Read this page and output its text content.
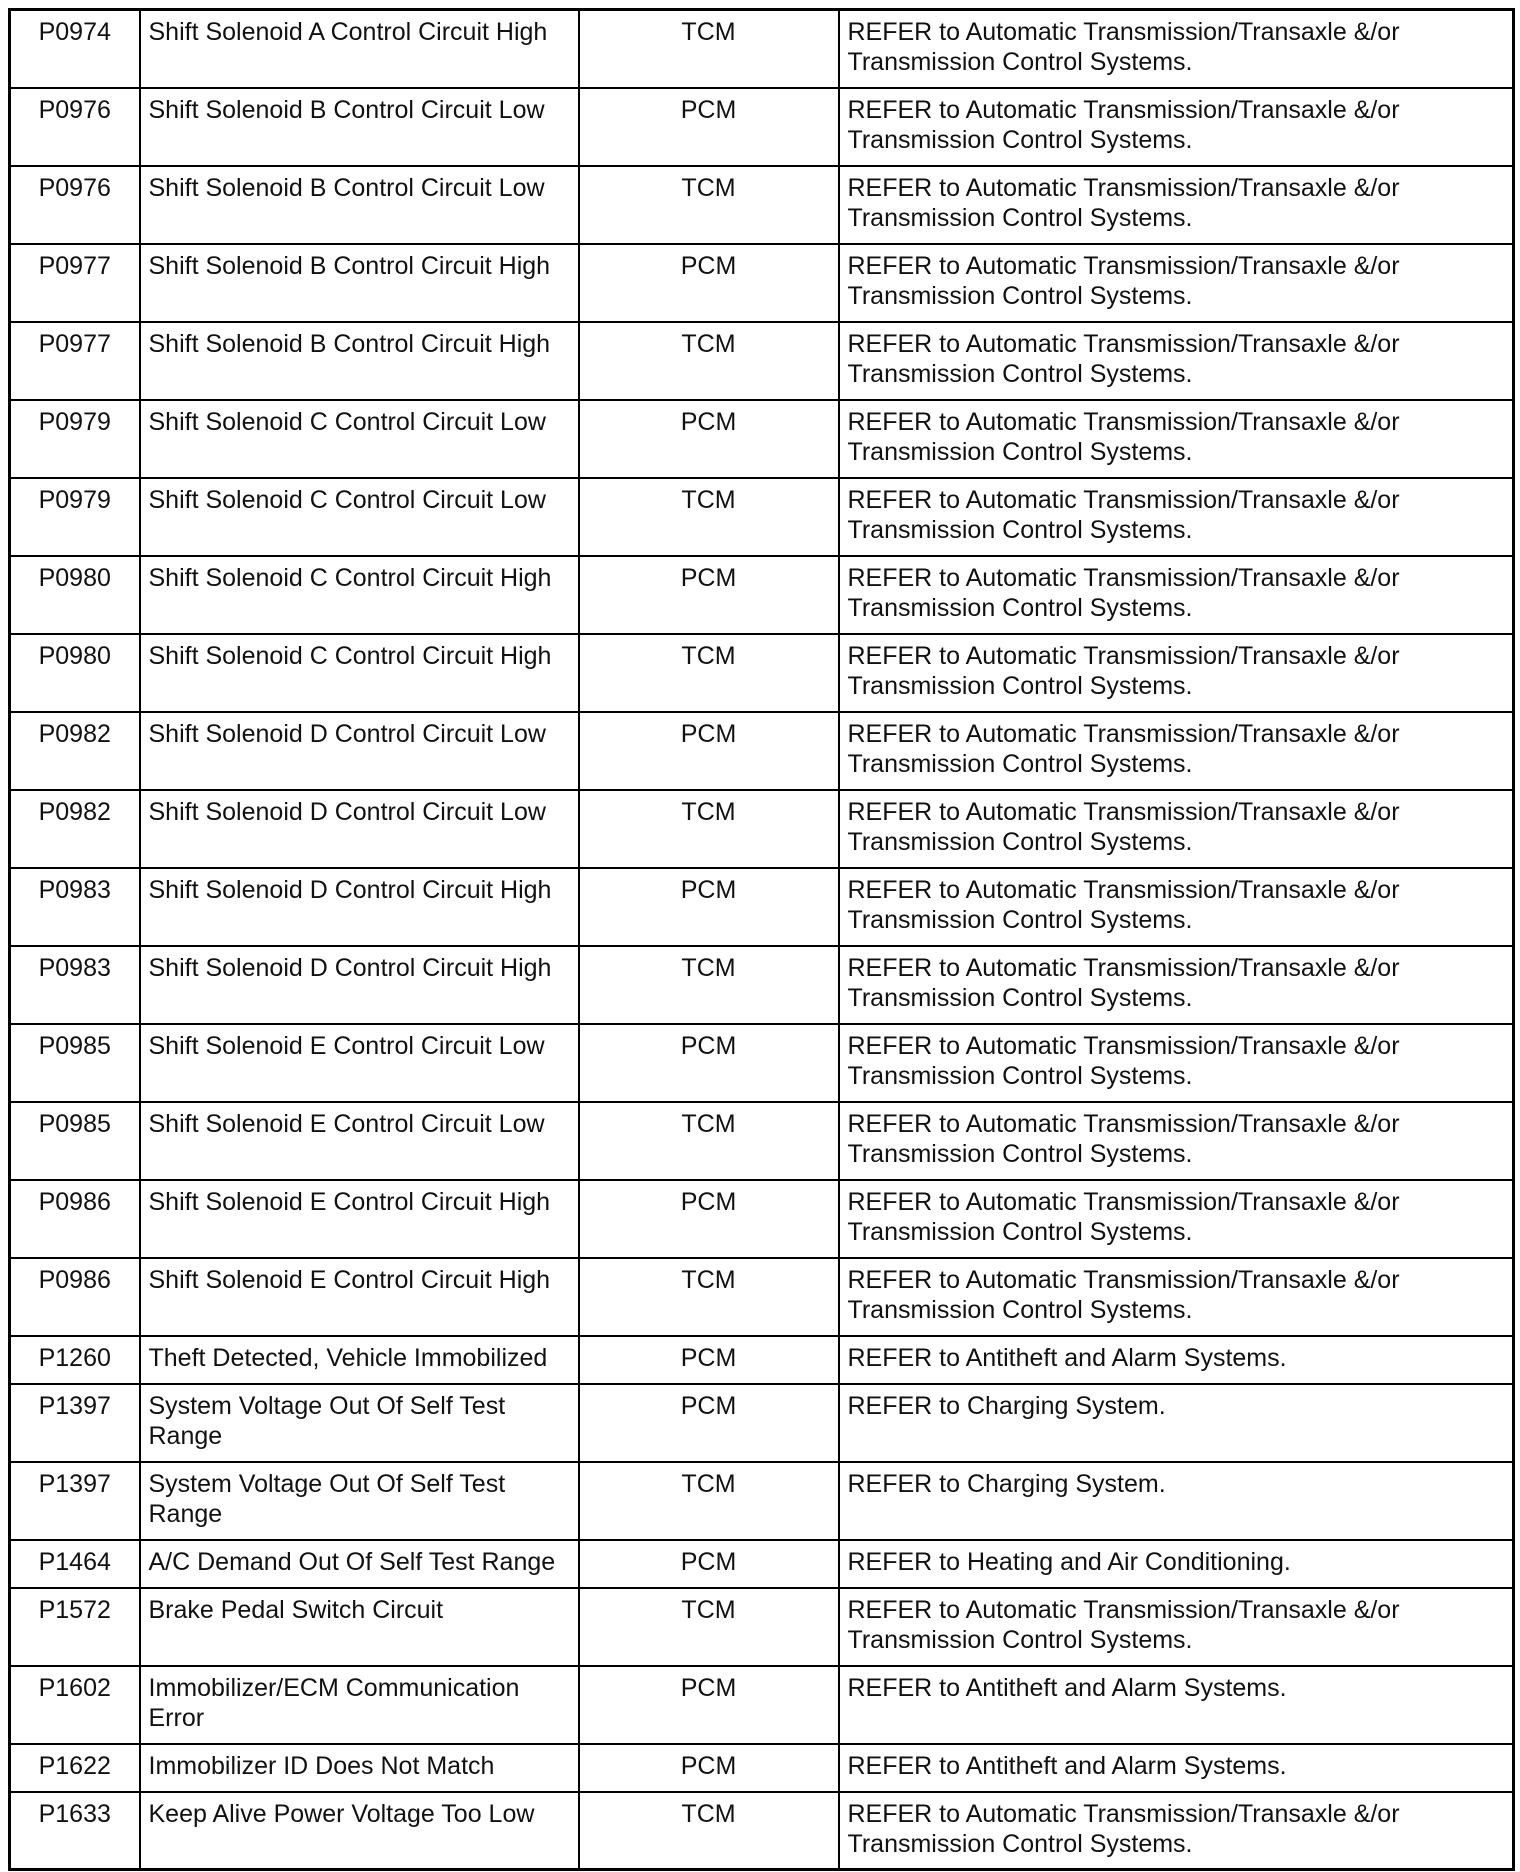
P0974	Shift Solenoid A Control Circuit High	TCM	REFER to Automatic Transmission/Transaxle &/or Transmission Control Systems.
P0976	Shift Solenoid B Control Circuit Low	PCM	REFER to Automatic Transmission/Transaxle &/or Transmission Control Systems.
P0976	Shift Solenoid B Control Circuit Low	TCM	REFER to Automatic Transmission/Transaxle &/or Transmission Control Systems.
P0977	Shift Solenoid B Control Circuit High	PCM	REFER to Automatic Transmission/Transaxle &/or Transmission Control Systems.
P0977	Shift Solenoid B Control Circuit High	TCM	REFER to Automatic Transmission/Transaxle &/or Transmission Control Systems.
P0979	Shift Solenoid C Control Circuit Low	PCM	REFER to Automatic Transmission/Transaxle &/or Transmission Control Systems.
P0979	Shift Solenoid C Control Circuit Low	TCM	REFER to Automatic Transmission/Transaxle &/or Transmission Control Systems.
P0980	Shift Solenoid C Control Circuit High	PCM	REFER to Automatic Transmission/Transaxle &/or Transmission Control Systems.
P0980	Shift Solenoid C Control Circuit High	TCM	REFER to Automatic Transmission/Transaxle &/or Transmission Control Systems.
P0982	Shift Solenoid D Control Circuit Low	PCM	REFER to Automatic Transmission/Transaxle &/or Transmission Control Systems.
P0982	Shift Solenoid D Control Circuit Low	TCM	REFER to Automatic Transmission/Transaxle &/or Transmission Control Systems.
P0983	Shift Solenoid D Control Circuit High	PCM	REFER to Automatic Transmission/Transaxle &/or Transmission Control Systems.
P0983	Shift Solenoid D Control Circuit High	TCM	REFER to Automatic Transmission/Transaxle &/or Transmission Control Systems.
P0985	Shift Solenoid E Control Circuit Low	PCM	REFER to Automatic Transmission/Transaxle &/or Transmission Control Systems.
P0985	Shift Solenoid E Control Circuit Low	TCM	REFER to Automatic Transmission/Transaxle &/or Transmission Control Systems.
P0986	Shift Solenoid E Control Circuit High	PCM	REFER to Automatic Transmission/Transaxle &/or Transmission Control Systems.
P0986	Shift Solenoid E Control Circuit High	TCM	REFER to Automatic Transmission/Transaxle &/or Transmission Control Systems.
P1260	Theft Detected, Vehicle Immobilized	PCM	REFER to Antitheft and Alarm Systems.
P1397	System Voltage Out Of Self Test Range	PCM	REFER to Charging System.
P1397	System Voltage Out Of Self Test Range	TCM	REFER to Charging System.
P1464	A/C Demand Out Of Self Test Range	PCM	REFER to Heating and Air Conditioning.
P1572	Brake Pedal Switch Circuit	TCM	REFER to Automatic Transmission/Transaxle &/or Transmission Control Systems.
P1602	Immobilizer/ECM Communication Error	PCM	REFER to Antitheft and Alarm Systems.
P1622	Immobilizer ID Does Not Match	PCM	REFER to Antitheft and Alarm Systems.
P1633	Keep Alive Power Voltage Too Low	TCM	REFER to Automatic Transmission/Transaxle &/or Transmission Control Systems.
